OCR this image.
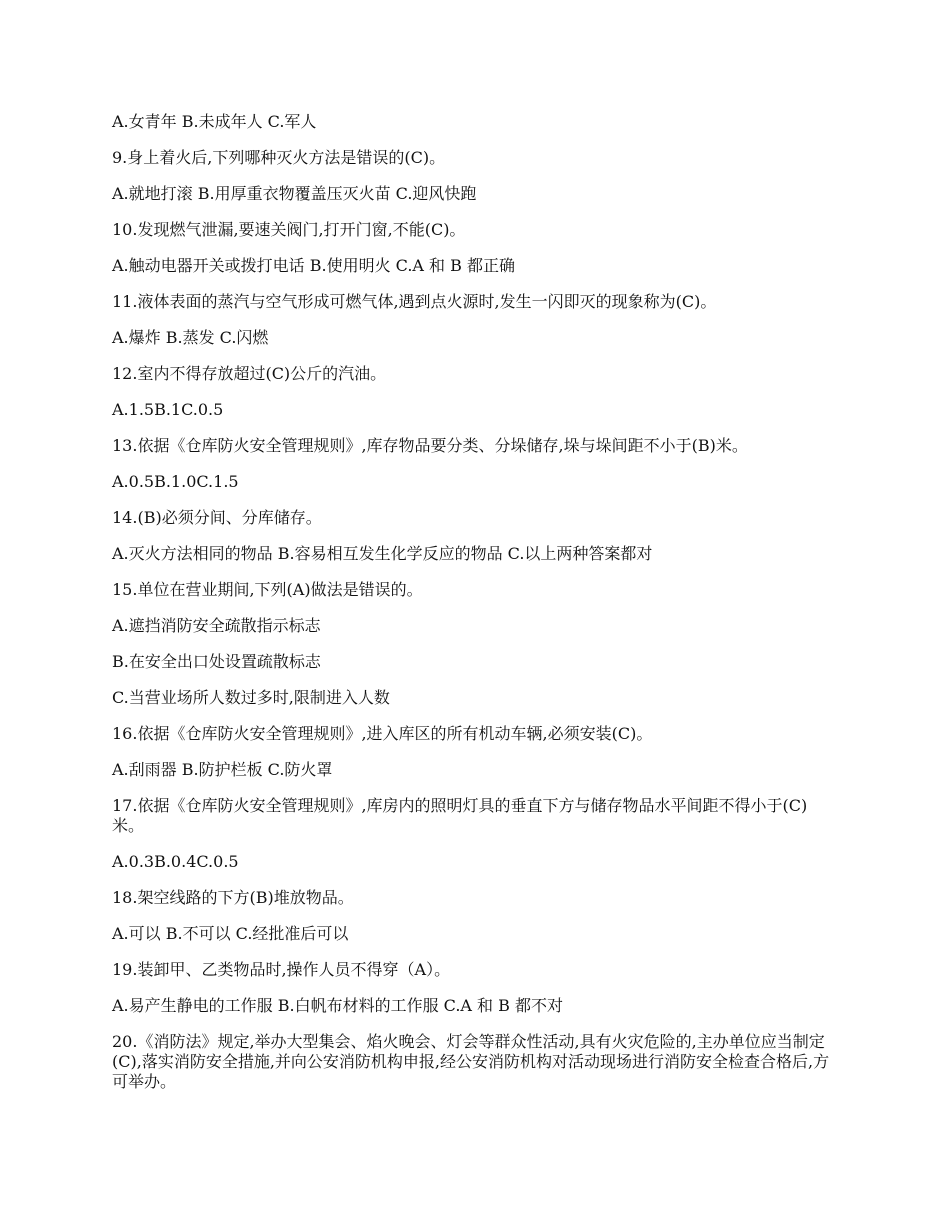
A.女青年 B.未成年人 C.军人

9.身上着火后,下列哪种灭火方法是错误的(C)。

A.就地打滚 B.用厚重衣物覆盖压灭火苗 C.迎风快跑

10.发现燃气泄漏,要速关阀门,打开门窗,不能(C)。

A.触动电器开关或拨打电话 B.使用明火 C.A 和 B 都正确

11.液体表面的蒸汽与空气形成可燃气体,遇到点火源时,发生一闪即灭的现象称为(C)。

A.爆炸 B.蒸发 C.闪燃

12.室内不得存放超过(C)公斤的汽油。

A.1.5B.1C.0.5

13.依据《仓库防火安全管理规则》,库存物品要分类、分垛储存,垛与垛间距不小于(B)米。

A.0.5B.1.0C.1.5

14.(B)必须分间、分库储存。

A.灭火方法相同的物品 B.容易相互发生化学反应的物品 C.以上两种答案都对

15.单位在营业期间,下列(A)做法是错误的。

A.遮挡消防安全疏散指示标志

B.在安全出口处设置疏散标志

C.当营业场所人数过多时,限制进入人数

16.依据《仓库防火安全管理规则》,进入库区的所有机动车辆,必须安装(C)。

A.刮雨器 B.防护栏板 C.防火罩

17.依据《仓库防火安全管理规则》,库房内的照明灯具的垂直下方与储存物品水平间距不得小于(C)米。

A.0.3B.0.4C.0.5

18.架空线路的下方(B)堆放物品。

A.可以 B.不可以 C.经批准后可以

19.装卸甲、乙类物品时,操作人员不得穿（A）。

A.易产生静电的工作服 B.白帆布材料的工作服 C.A 和 B 都不对

20.《消防法》规定,举办大型集会、焰火晚会、灯会等群众性活动,具有火灾危险的,主办单位应当制定(C),落实消防安全措施,并向公安消防机构申报,经公安消防机构对活动现场进行消防安全检查合格后,方可举办。
